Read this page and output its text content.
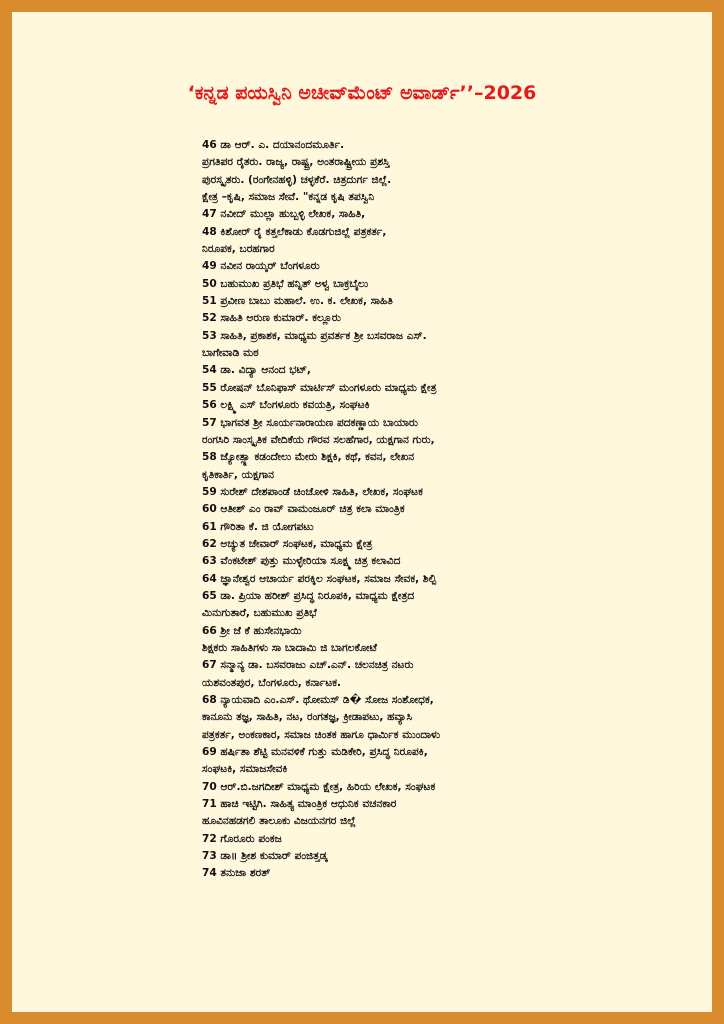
‘ಕನ್ನಡ ಪಯಸ್ವಿನಿ ಅಚೀವ್‌ಮೆಂಟ್ ಅವಾರ್ಡ್’’–2026
46 ಡಾ ಆರ್. ಎ. ದಯಾನಂದಮೂರ್ತಿ.
ಪ್ರಗತಿಪರ ರೈತರು. ರಾಜ್ಯ, ರಾಷ್ಟ್ರ, ಅಂತರಾಷ್ಟ್ರೀಯ ಪ್ರಶಸ್ತಿ
ಪುರಸ್ಕೃತರು. (ರಂಗೇನಹಳ್ಳಿ) ಚಳ್ಳಕೆರೆ. ಚಿತ್ರದುರ್ಗ ಜಿಲ್ಲೆ.
ಕ್ಷೇತ್ರ –ಕೃಷಿ, ಸಮಾಜ ಸೇವೆ. "ಕನ್ನಡ ಕೃಷಿ ತಪಸ್ವಿನಿ
47 ನವೀದ್ ಮುಲ್ಲಾ ಹುಬ್ಬಳ್ಳಿ ಲೇಖಕ, ಸಾಹಿತಿ,
48 ಕಿಶೋರ್ ರೈ ಕತ್ತಲೆಕಾಡು ಕೊಡಗುಜಿಲ್ಲೆ ಪತ್ರಕರ್ತ,
ನಿರೂಪಕ, ಬರಹಗಾರ
49 ನವೀನ ರಾಯ್ಕರ್ ಬೆಂಗಳೂರು
50 ಬಹುಮುಖ ಪ್ರತಿಭೆ ಹನ್ನಿತ್ ಅಳ್ವ ಬಾಕ್ರಬೈಲು
51 ಪ್ರವೀಣ ಬಾಬು ಮಹಾಲೆ. ಉ. ಕ. ಲೇಖಕ, ಸಾಹಿತಿ
52 ಸಾಹಿತಿ ಅರುಣ ಕುಮಾರ್. ಕಲ್ಲೂರು
53 ಸಾಹಿತಿ, ಪ್ರಕಾಶಕ, ಮಾಧ್ಯಮ ಪ್ರವರ್ತಕ ಶ್ರೀ ಬಸವರಾಜ ಎಸ್.
ಬಾಗೇವಾಡಿ ಮಠ
54 ಡಾ. ವಿದ್ಯಾ ಆನಂದ ಭಟ್,
55 ರೋಷನ್ ಬೊನಿಫಾಸ್ ಮಾರ್ಟಿಸ್ ಮಂಗಳೂರು ಮಾಧ್ಯಮ ಕ್ಷೇತ್ರ
56 ಲಕ್ಷ್ಮಿ ಎಸ್ ಬೆಂಗಳೂರು ಕವಯತ್ರಿ, ಸಂಘಟಕಿ
57 ಭಾಗವತ ಶ್ರೀ ಸೂರ್ಯನಾರಾಯಣ ಪದಕಣ್ಣಾಯ ಬಾಯಾರು
ರಂಗಸಿರಿ ಸಾಂಸ್ಕೃತಿಕ ವೇದಿಕೆಯ ಗೌರವ ಸಲಹೆಗಾರ, ಯಕ್ಷಗಾನ ಗುರು,
58 ಜ್ಯೋತ್ಸ್ನಾ ಕಡಂದೇಲು ಮೇರು ಶಿಕ್ಷಕಿ, ಕಥೆ, ಕವನ, ಲೇಖನ
ಕೃತಿಕಾರ್ತಿ, ಯಕ್ಷಗಾನ
59 ಸುರೇಶ್ ದೇಶಪಾಂಡೆ ಚಿಂಚೋಳಿ ಸಾಹಿತಿ, ಲೇಖಕ, ಸಂಘಟಕ
60 ಆತೀಶ್ ಎಂ ರಾವ್ ವಾಮಂಜೂರ್ ಚಿತ್ರ ಕಲಾ ಮಾಂತ್ರಿಕ
61 ಗೌರಿತಾ ಕೆ. ಜಿ ಯೋಗಪಟು
62 ಅಚ್ಯುತ ಚೇವಾರ್ ಸಂಘಟಕ, ಮಾಧ್ಯಮ ಕ್ಷೇತ್ರ
63 ವೆಂಕಟೇಶ್ ಪುತ್ತು ಮುಳ್ಳೇರಿಯಾ ಸೂಕ್ಷ್ಮ ಚಿತ್ರ ಕಲಾವಿದ
64 ಜ್ಞಾನೇಶ್ವರ ಆಚಾರ್ಯ ಪರಕ್ಕಿಲ ಸಂಘಟಕ, ಸಮಾಜ ಸೇವಕ, ಶಿಲ್ಪಿ
65 ಡಾ. ಪ್ರಿಯಾ ಹರೀಶ್ ಪ್ರಸಿದ್ಧ ನಿರೂಪಕಿ, ಮಾಧ್ಯಮ ಕ್ಷೇತ್ರದ
ಮಿನುಗುತಾರೆ, ಬಹುಮುಖ ಪ್ರತಿಭೆ
66 ಶ್ರೀ ಜೆ ಕೆ ಹುಸೇನಭಾಯಿ
ಶಿಕ್ಷಕರು ಸಾಹಿತಿಗಳು ಸಾ ಬಾದಾಮಿ ಜಿ ಬಾಗಲಕೋಟೆ
67 ಸನ್ಮಾನ್ಯ ಡಾ. ಬಸವರಾಜು ಎಚ್.ಎನ್. ಚಲನಚಿತ್ರ ನಟರು
ಯಶವಂತಪುರ, ಬೆಂಗಳೂರು, ಕರ್ನಾಟಕ.
68 ನ್ಯಾಯವಾದಿ ಎಂ.ಎಸ್. ಥೋಮಸ್ ಡಿ� ಸೋಜ ಸಂಶೋಧಕ,
ಕಾನೂನು ತಜ್ಞ, ಸಾಹಿತಿ, ನಟ, ರಂಗತಜ್ಞ, ಕ್ರೀಡಾಪಟು, ಹವ್ಯಾಸಿ
ಪತ್ರಕರ್ತ, ಅಂಕಣಕಾರ, ಸಮಾಜ ಚಿಂತಕ ಹಾಗೂ ಧಾರ್ಮಿಕ ಮುಂದಾಳು
69 ಹರ್ಷಿತಾ ಶೆಟ್ಟಿ ಮನವಳಿಕೆ ಗುತ್ತು ಮಡಿಕೇರಿ, ಪ್ರಸಿದ್ಧ ನಿರೂಪಕಿ,
ಸಂಘಟಕಿ, ಸಮಾಜಸೇವಕಿ
70 ಆರ್.ಬಿ.ಜಗದೀಶ್ ಮಾಧ್ಯಮ ಕ್ಷೇತ್ರ, ಹಿರಿಯ ಲೇಖಕ, ಸಂಘಟಕ
71 ಹಾಚಿ ಇಟ್ಟಿಗಿ. ಸಾಹಿತ್ಯ ಮಾಂತ್ರಿಕ ಆಧುನಿಕ ವಚನಕಾರ
ಹೂವಿನಹಡಗಲಿ ತಾಲೂಕು ವಿಜಯನಗರ ಜಿಲ್ಲೆ
72 ಗೊರೂರು ಪಂಕಜ
73 ಡಾ॥ ಶ್ರೀಶ ಕುಮಾರ್ ಪಂಜಿತ್ತಡ್ಕ
74 ತನುಜಾ ಶರತ್
